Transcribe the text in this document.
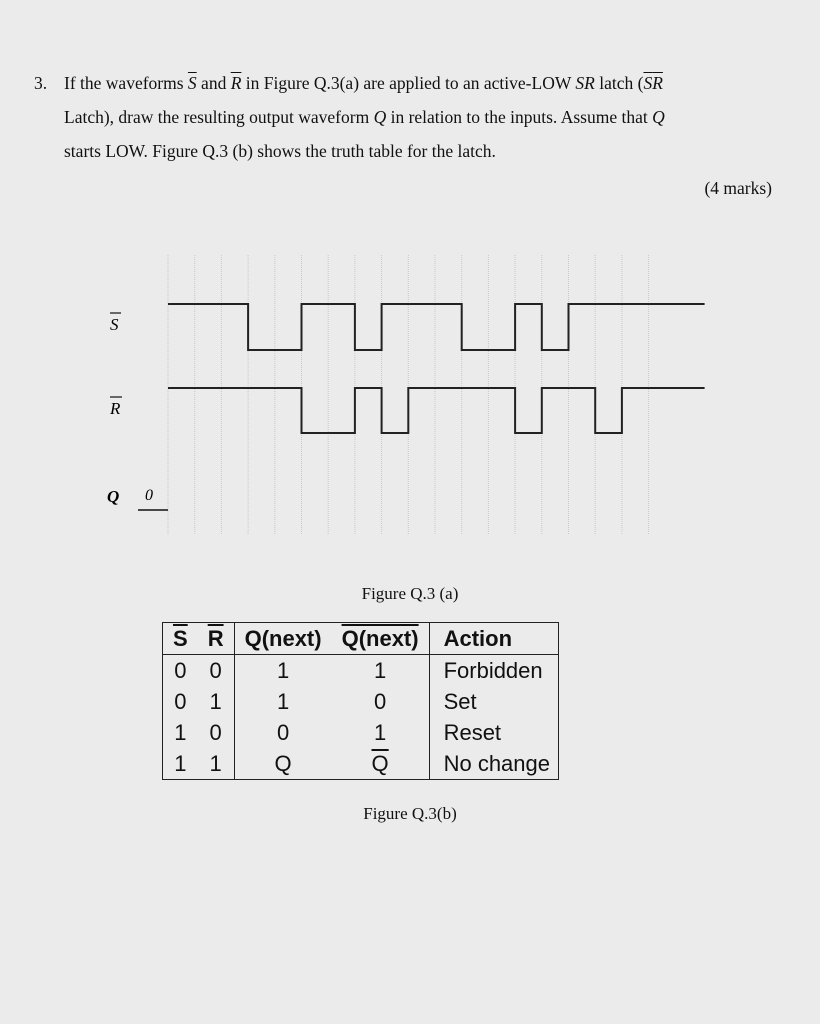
3. If the waveforms $\overline{S}$ and $\overline{R}$ in Figure Q.3(a) are applied to an active-LOW SR latch ($\overline{S}\overline{R}$
Latch), draw the resulting output waveform Q in relation to the inputs. Assume that Q
starts LOW. Figure Q.3 (b) shows the truth table for the latch.
(4 marks)
S
R
Q 0
Figure Q.3 (a)
$\overline{S}$	$\overline{R}$	Q(next)	Q(next)	Action
0	0	1	1	Forbidden
0	1	1	0	Set
1	0	0	1	Reset
1	1	Q	$\overline{Q}$	No change
Figure Q.3(b)
